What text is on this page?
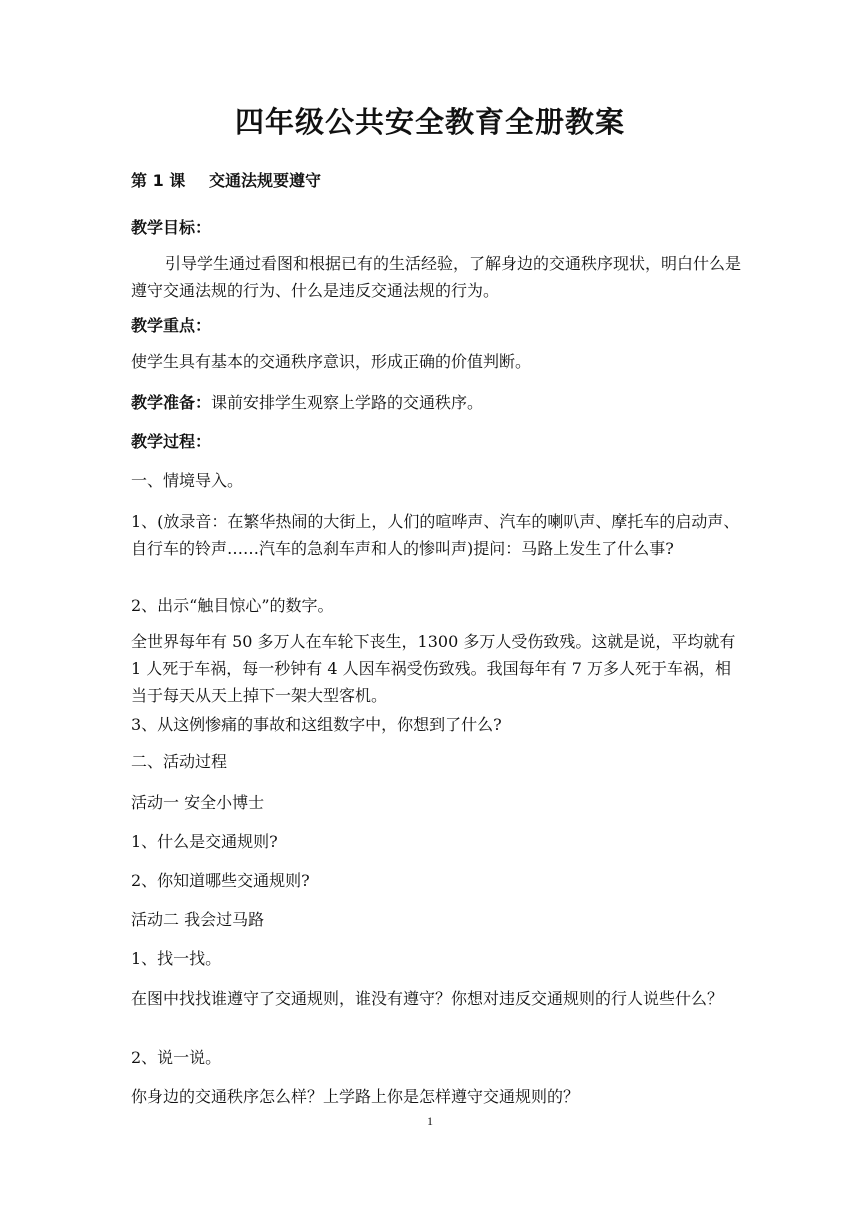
四年级公共安全教育全册教案
第 1 课 交通法规要遵守
教学目标：
引导学生通过看图和根据已有的生活经验，了解身边的交通秩序现状，明白什么是遵守交通法规的行为、什么是违反交通法规的行为。
教学重点：
使学生具有基本的交通秩序意识，形成正确的价值判断。
教学准备：课前安排学生观察上学路的交通秩序。
教学过程：
一、情境导入。
1、(放录音：在繁华热闹的大街上，人们的喧哗声、汽车的喇叭声、摩托车的启动声、自行车的铃声……汽车的急刹车声和人的惨叫声)提问：马路上发生了什么事?
2、出示“触目惊心”的数字。
全世界每年有 50 多万人在车轮下丧生，1300 多万人受伤致残。这就是说，平均就有 1 人死于车祸，每一秒钟有 4 人因车祸受伤致残。我国每年有 7 万多人死于车祸，相当于每天从天上掉下一架大型客机。
3、从这例惨痛的事故和这组数字中，你想到了什么?
二、活动过程
活动一 安全小博士
1、什么是交通规则?
2、你知道哪些交通规则?
活动二 我会过马路
1、找一找。
在图中找找谁遵守了交通规则，谁没有遵守？你想对违反交通规则的行人说些什么？
2、说一说。
你身边的交通秩序怎么样？上学路上你是怎样遵守交通规则的？
1
